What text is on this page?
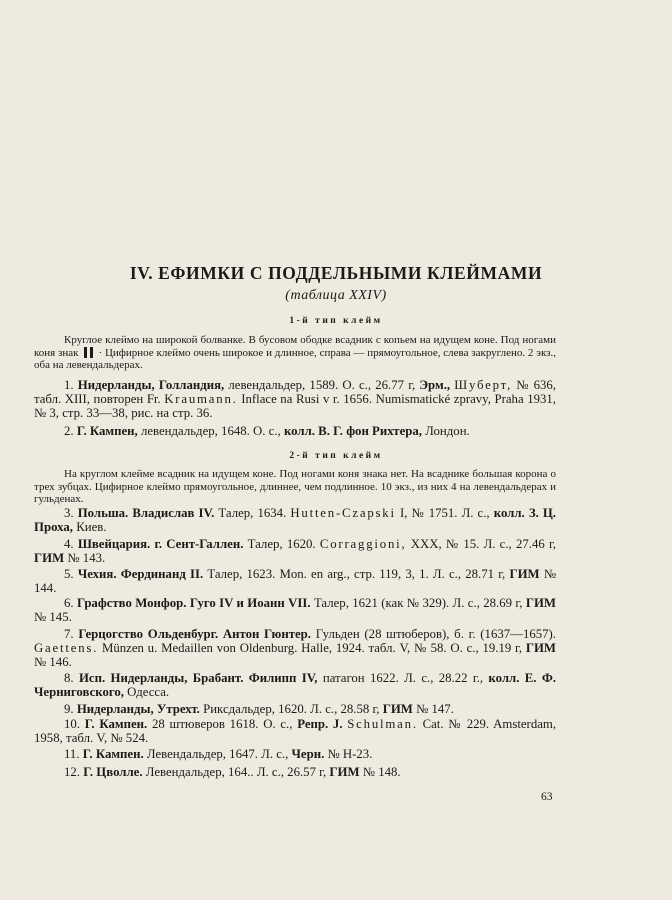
IV. ЕФИМКИ С ПОДДЕЛЬНЫМИ КЛЕЙМАМИ
(таблица XXIV)
1-й тип клейм
Круглое клеймо на широкой болванке. В бусовом ободке всадник с копьем на идущем коне. Под ногами коня знак · Цифирное клеймо очень широкое и длинное, справа — прямоугольное, слева закруглено. 2 экз., оба на левендальдерах.
1. Нидерланды, Голландия, левендальдер, 1589. О. с., 26.77 г, Эрм., Шуберт, № 636, табл. XIII, повторен Fr. Kraumann. Inflace na Rusi v r. 1656. Numismatické zpravy, Praha 1931, № 3, стр. 33—38, рис. на стр. 36.
2. Г. Кампен, левендальдер, 1648. О. с., колл. В. Г. фон Рихтера, Лондон.
2-й тип клейм
На круглом клейме всадник на идущем коне. Под ногами коня знака нет. На всаднике большая корона о трех зубцах. Цифирное клеймо прямоугольное, длиннее, чем подлинное. 10 экз., из них 4 на левендальдерах и гульденах.
3. Польша. Владислав IV. Талер, 1634. Hutten-Czapski I, № 1751. Л. с., колл. З. Ц. Проха, Киев.
4. Швейцария. г. Сент-Галлен. Талер, 1620. Corraggioni, XXX, № 15. Л. с., 27.46 г, ГИМ № 143.
5. Чехия. Фердинанд II. Талер, 1623. Mon. en arg., стр. 119, 3, 1. Л. с., 28.71 г, ГИМ № 144.
6. Графство Монфор. Гуго IV и Иоанн VII. Талер, 1621 (как № 329). Л. с., 28.69 г, ГИМ № 145.
7. Герцогство Ольденбург. Антон Гюнтер. Гульден (28 штюберов), б. г. (1637—1657). Gaettens. Münzen u. Medaillen von Oldenburg. Halle, 1924. табл. V, № 58. О. с., 19.19 г, ГИМ № 146.
8. Исп. Нидерланды, Брабант. Филипп IV, патагон 1622. Л. с., 28.22 г., колл. Е. Ф. Черниговского, Одесса.
9. Нидерланды, Утрехт. Риксдальдер, 1620. Л. с., 28.58 г, ГИМ № 147.
10. Г. Кампен. 28 штюверов 1618. О. с., Репр. J. Schulman. Cat. № 229. Amsterdam, 1958, табл. V, № 524.
11. Г. Кампен. Левендальдер, 1647. Л. с., Черн. № Н-23.
12. Г. Цволле. Левендальдер, 164.. Л. с., 26.57 г, ГИМ № 148.
63
